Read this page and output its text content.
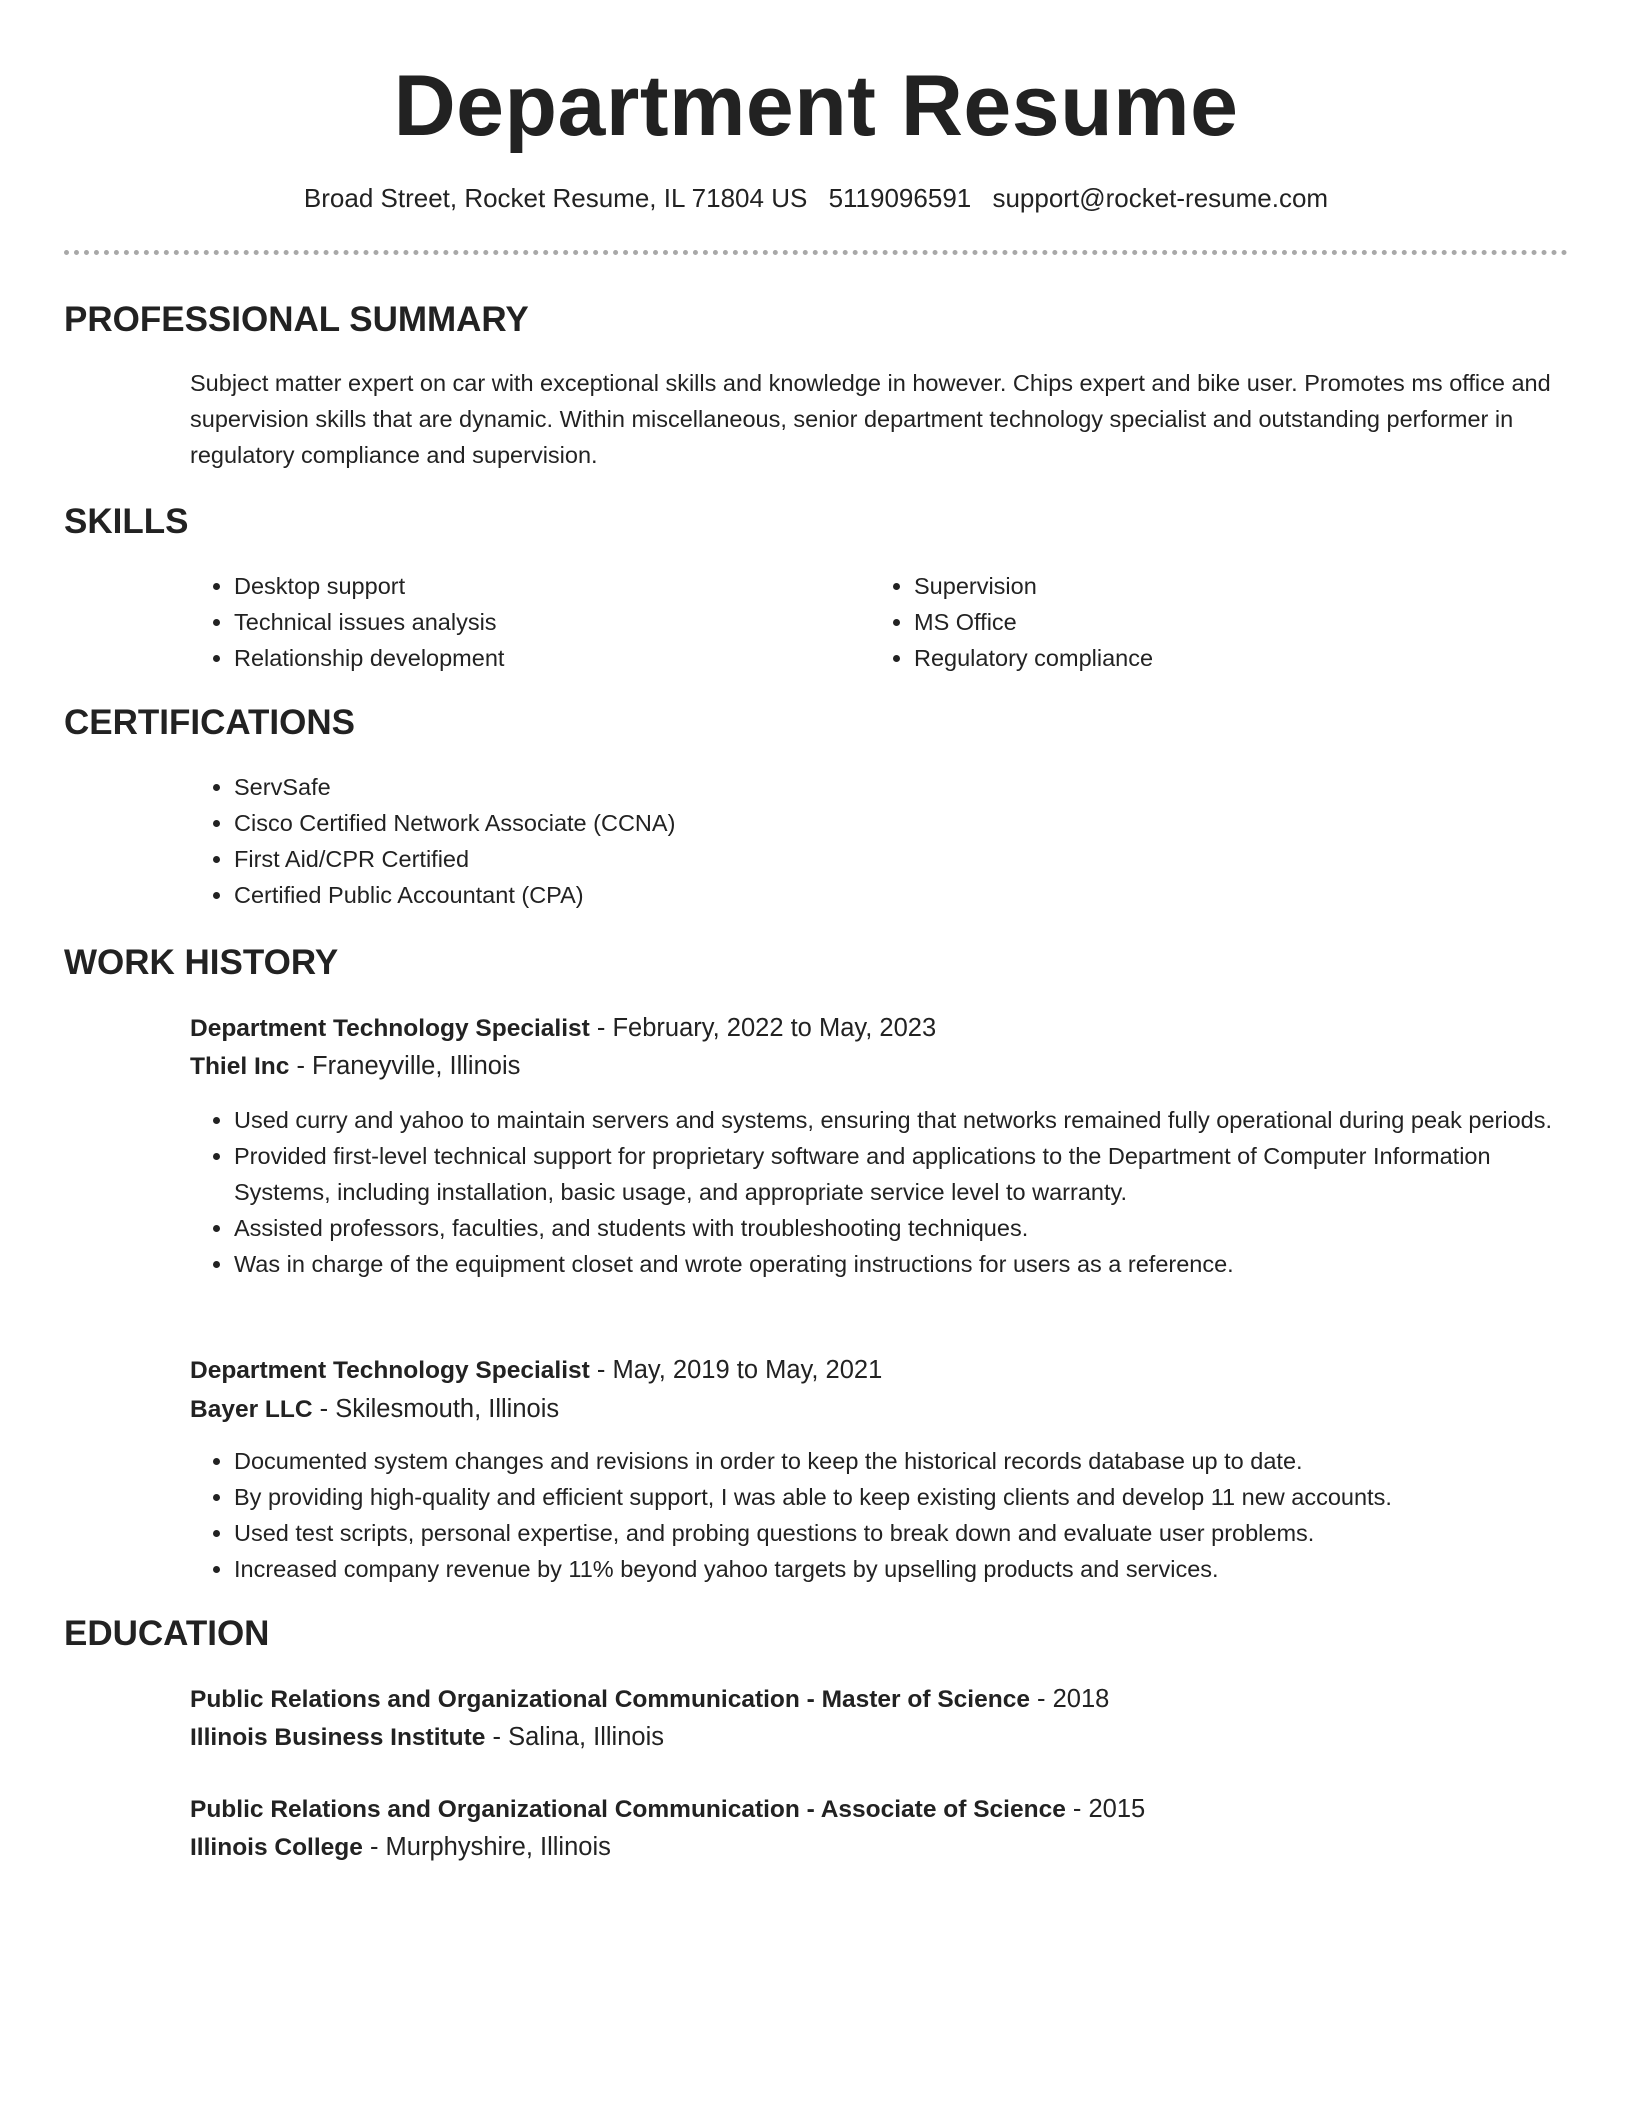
Department Resume
Broad Street, Rocket Resume, IL 71804 US 5119096591 support@rocket-resume.com
PROFESSIONAL SUMMARY
Subject matter expert on car with exceptional skills and knowledge in however. Chips expert and bike user. Promotes ms office and supervision skills that are dynamic. Within miscellaneous, senior department technology specialist and outstanding performer in regulatory compliance and supervision.
SKILLS
• Desktop support
• Technical issues analysis
• Relationship development
• Supervision
• MS Office
• Regulatory compliance
CERTIFICATIONS
• ServSafe
• Cisco Certified Network Associate (CCNA)
• First Aid/CPR Certified
• Certified Public Accountant (CPA)
WORK HISTORY
Department Technology Specialist - February, 2022 to May, 2023
Thiel Inc - Franeyville, Illinois
• Used curry and yahoo to maintain servers and systems, ensuring that networks remained fully operational during peak periods.
• Provided first-level technical support for proprietary software and applications to the Department of Computer Information Systems, including installation, basic usage, and appropriate service level to warranty.
• Assisted professors, faculties, and students with troubleshooting techniques.
• Was in charge of the equipment closet and wrote operating instructions for users as a reference.
Department Technology Specialist - May, 2019 to May, 2021
Bayer LLC - Skilesmouth, Illinois
• Documented system changes and revisions in order to keep the historical records database up to date.
• By providing high-quality and efficient support, I was able to keep existing clients and develop 11 new accounts.
• Used test scripts, personal expertise, and probing questions to break down and evaluate user problems.
• Increased company revenue by 11% beyond yahoo targets by upselling products and services.
EDUCATION
Public Relations and Organizational Communication - Master of Science - 2018
Illinois Business Institute - Salina, Illinois
Public Relations and Organizational Communication - Associate of Science - 2015
Illinois College - Murphyshire, Illinois
